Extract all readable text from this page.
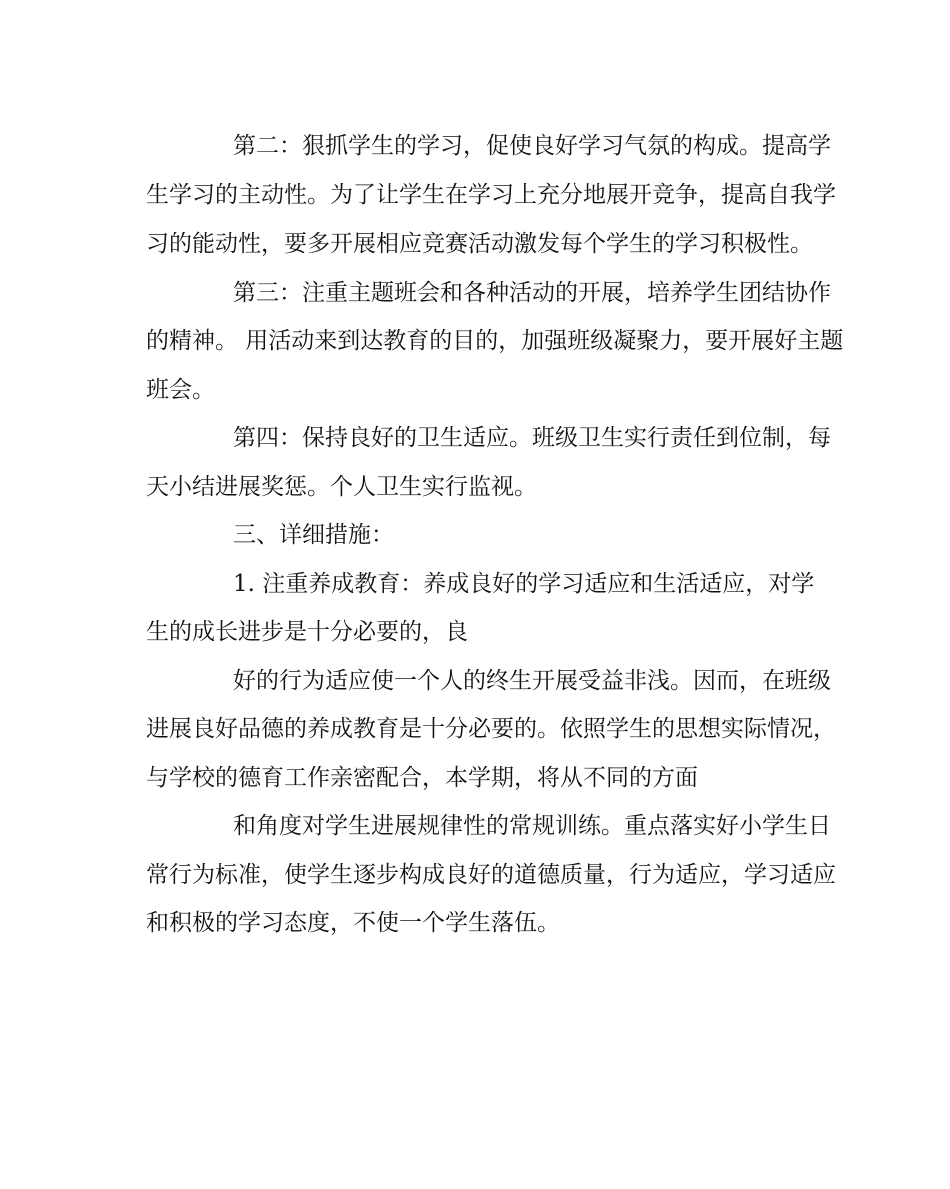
第二：狠抓学生的学习，促使良好学习气氛的构成。提高学

生学习的主动性。为了让学生在学习上充分地展开竞争，提高自我学

习的能动性，要多开展相应竞赛活动激发每个学生的学习积极性。

第三：注重主题班会和各种活动的开展，培养学生团结协作

的精神。 用活动来到达教育的目的，加强班级凝聚力，要开展好主题

班会。

第四：保持良好的卫生适应。班级卫生实行责任到位制，每

天小结进展奖惩。个人卫生实行监视。

三、详细措施：

1. 注重养成教育：养成良好的学习适应和生活适应，对学

生的成长进步是十分必要的，良

好的行为适应使一个人的终生开展受益非浅。因而，在班级

进展良好品德的养成教育是十分必要的。依照学生的思想实际情况，

与学校的德育工作亲密配合，本学期，将从不同的方面

和角度对学生进展规律性的常规训练。重点落实好小学生日

常行为标准，使学生逐步构成良好的道德质量，行为适应，学习适应

和积极的学习态度，不使一个学生落伍。
